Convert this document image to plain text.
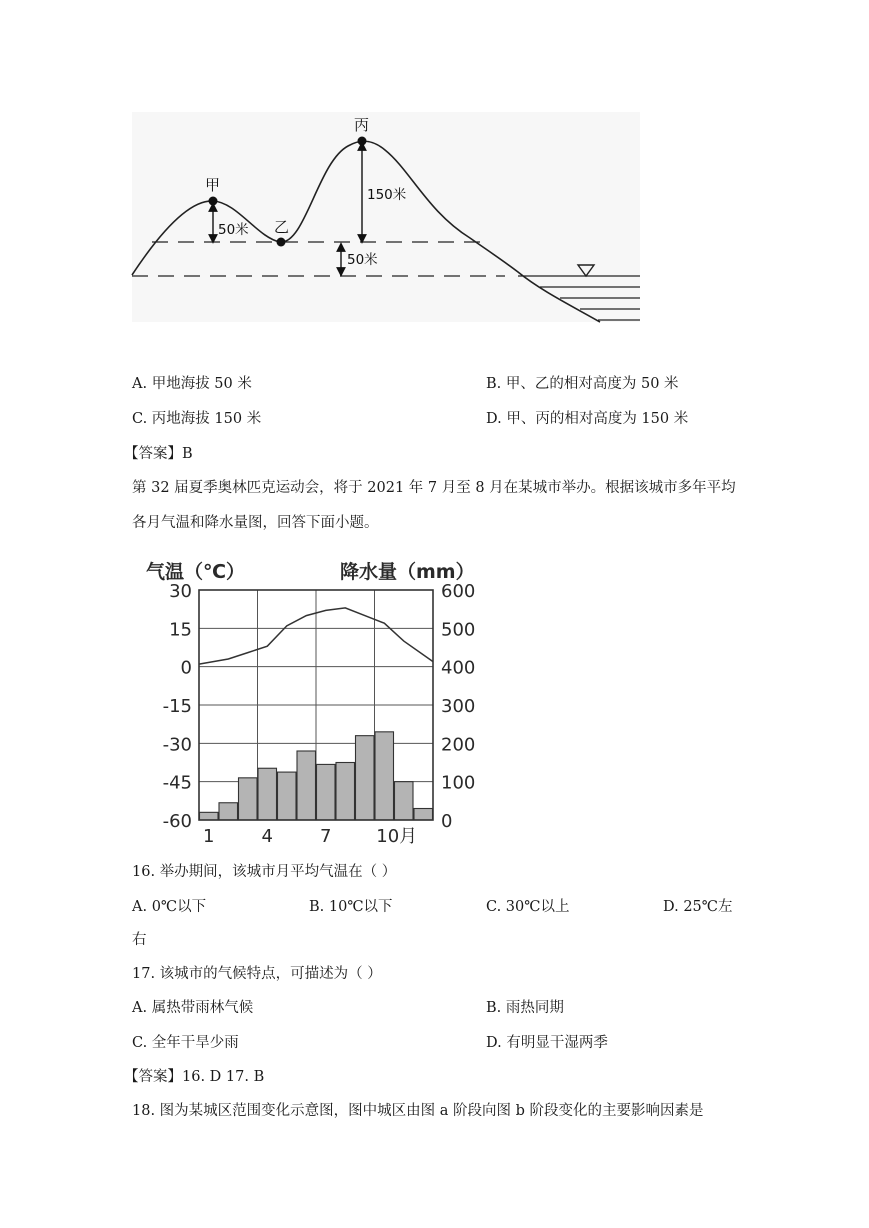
甲
乙
丙
50米
50米
150米
A. 甲地海拔 50 米	B. 甲、乙的相对高度为 50 米
C. 丙地海拔 150 米	D. 甲、丙的相对高度为 150 米
【答案】B
第 32 届夏季奥林匹克运动会，将于 2021 年 7 月至 8 月在某城市举办。根据该城市多年平均
各月气温和降水量图，回答下面小题。
气温（℃）	降水量（mm）
30
15
0
-15
-30
-45
-60
600
500
400
300
200
100
0
1	4	7 10月
16. 举办期间，该城市月平均气温在（ ）
A. 0℃以下	B. 10℃以下	C. 30℃以上	D. 25℃左
右
17. 该城市的气候特点，可描述为（ ）
A. 属热带雨林气候	B. 雨热同期
C. 全年干旱少雨	D. 有明显干湿两季
【答案】16. D 17. B
18. 图为某城区范围变化示意图，图中城区由图 a 阶段向图 b 阶段变化的主要影响因素是
